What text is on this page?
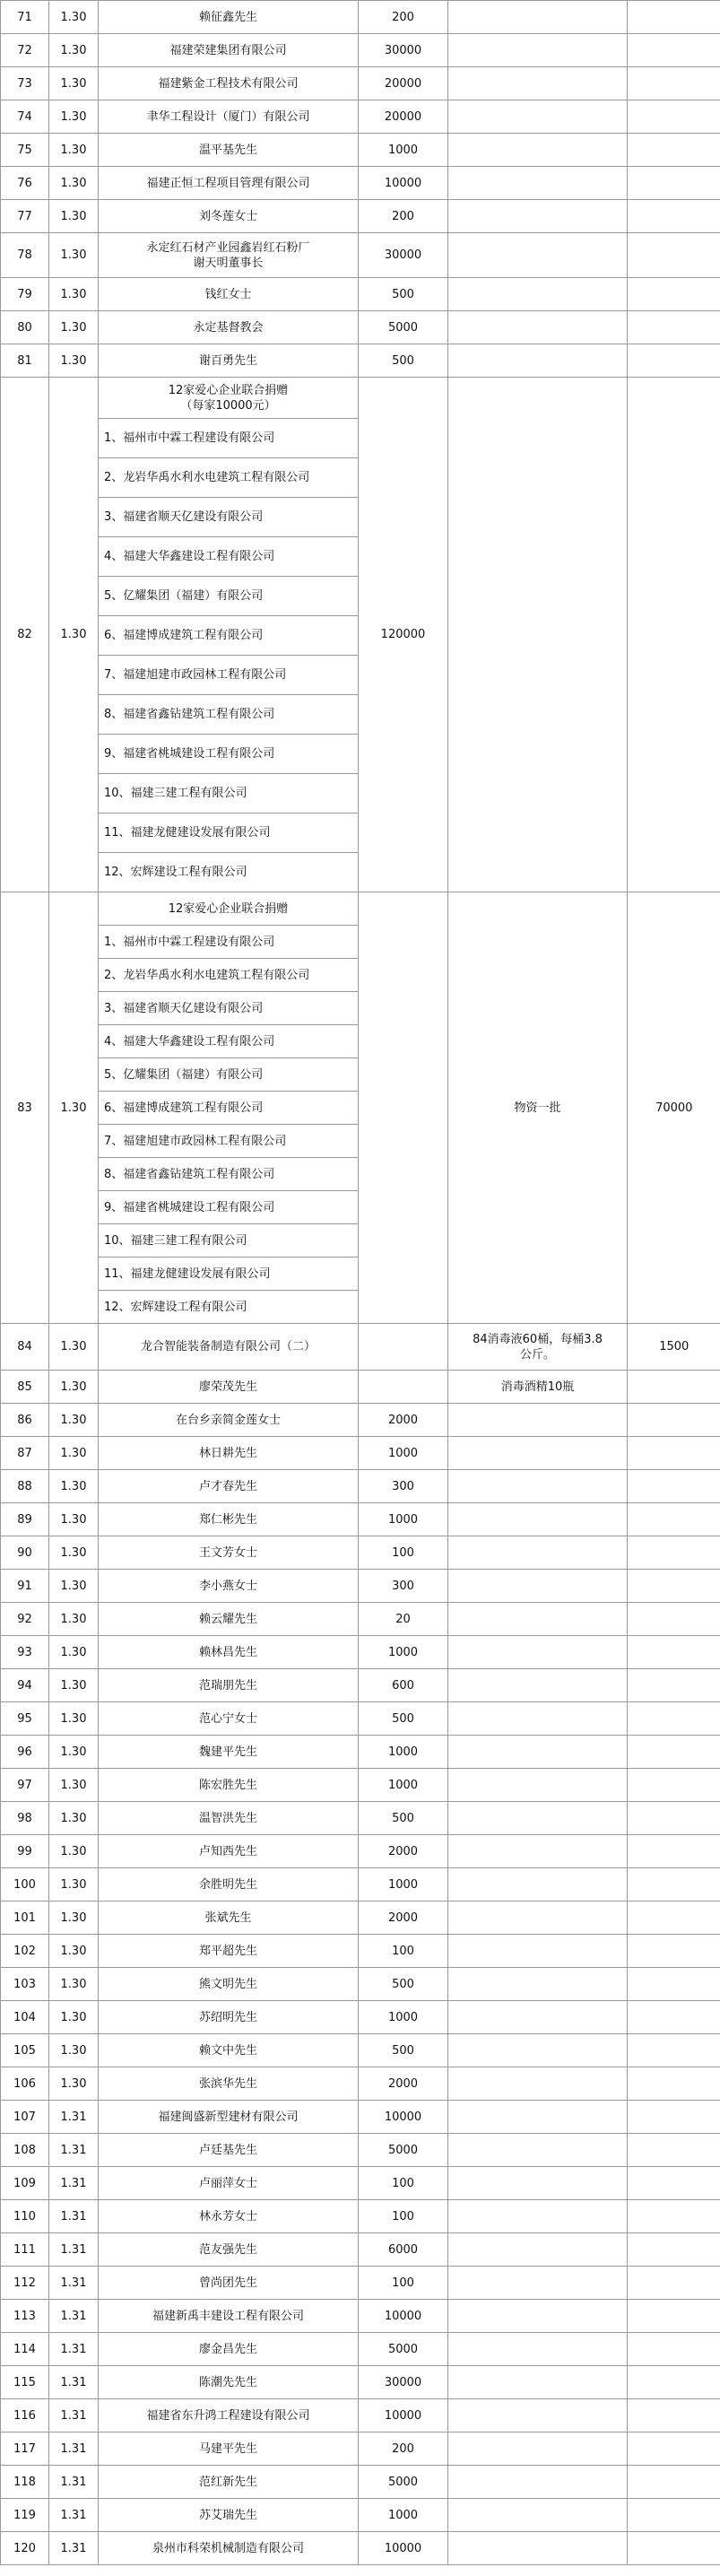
71	1.30	赖征鑫先生	200		
72	1.30	福建荣建集团有限公司	30000		
73	1.30	福建紫金工程技术有限公司	20000		
74	1.30	聿华工程设计（厦门）有限公司	20000		
75	1.30	温平基先生	1000		
76	1.30	福建正恒工程项目管理有限公司	10000		
77	1.30	刘冬莲女士	200		
78	1.30	永定红石材产业园鑫岩红石粉厂
谢天明董事长	30000		
79	1.30	钱红女士	500		
80	1.30	永定基督教会	5000		
81	1.30	谢百勇先生	500		
82	1.30	12家爱心企业联合捐赠
（每家10000元）	120000		
		1、福州市中霖工程建设有限公司			
		2、龙岩华禹水利水电建筑工程有限公司			
		3、福建省顺天亿建设有限公司			
		4、福建大华鑫建设工程有限公司			
		5、亿耀集团（福建）有限公司			
		6、福建博成建筑工程有限公司			
		7、福建旭建市政园林工程有限公司			
		8、福建省鑫钻建筑工程有限公司			
		9、福建省桃城建设工程有限公司			
		10、福建三建工程有限公司			
		11、福建龙健建设发展有限公司			
		12、宏辉建设工程有限公司			
83	1.30	12家爱心企业联合捐赠		物资一批	70000
		1、福州市中霖工程建设有限公司			
		2、龙岩华禹水利水电建筑工程有限公司			
		3、福建省顺天亿建设有限公司			
		4、福建大华鑫建设工程有限公司			
		5、亿耀集团（福建）有限公司			
		6、福建博成建筑工程有限公司			
		7、福建旭建市政园林工程有限公司			
		8、福建省鑫钻建筑工程有限公司			
		9、福建省桃城建设工程有限公司			
		10、福建三建工程有限公司			
		11、福建龙健建设发展有限公司			
		12、宏辉建设工程有限公司			
84	1.30	龙合智能装备制造有限公司（二）		84消毒液60桶，每桶3.8
公斤。	1500
85	1.30	廖荣茂先生		消毒酒精10瓶	
86	1.30	在台乡亲简金莲女士	2000		
87	1.30	林日耕先生	1000		
88	1.30	卢才春先生	300		
89	1.30	郑仁彬先生	1000		
90	1.30	王文芳女士	100		
91	1.30	李小燕女士	300		
92	1.30	赖云耀先生	20		
93	1.30	赖林昌先生	1000		
94	1.30	范瑞朋先生	600		
95	1.30	范心宁女士	500		
96	1.30	魏建平先生	1000		
97	1.30	陈宏胜先生	1000		
98	1.30	温智洪先生	500		
99	1.30	卢知西先生	2000		
100	1.30	余胜明先生	1000		
101	1.30	张斌先生	2000		
102	1.30	郑平超先生	100		
103	1.30	熊文明先生	500		
104	1.30	苏绍明先生	1000		
105	1.30	赖文中先生	500		
106	1.30	张滨华先生	2000		
107	1.31	福建闽盛新型建材有限公司	10000		
108	1.31	卢廷基先生	5000		
109	1.31	卢丽萍女士	100		
110	1.31	林永芳女士	100		
111	1.31	范友强先生	6000		
112	1.31	曾尚团先生	100		
113	1.31	福建新禹丰建设工程有限公司	10000		
114	1.31	廖金昌先生	5000		
115	1.31	陈潮先先生	30000		
116	1.31	福建省东升鸿工程建设有限公司	10000		
117	1.31	马建平先生	200		
118	1.31	范红新先生	5000		
119	1.31	苏艾瑞先生	1000		
120	1.31	泉州市科荣机械制造有限公司	10000		
